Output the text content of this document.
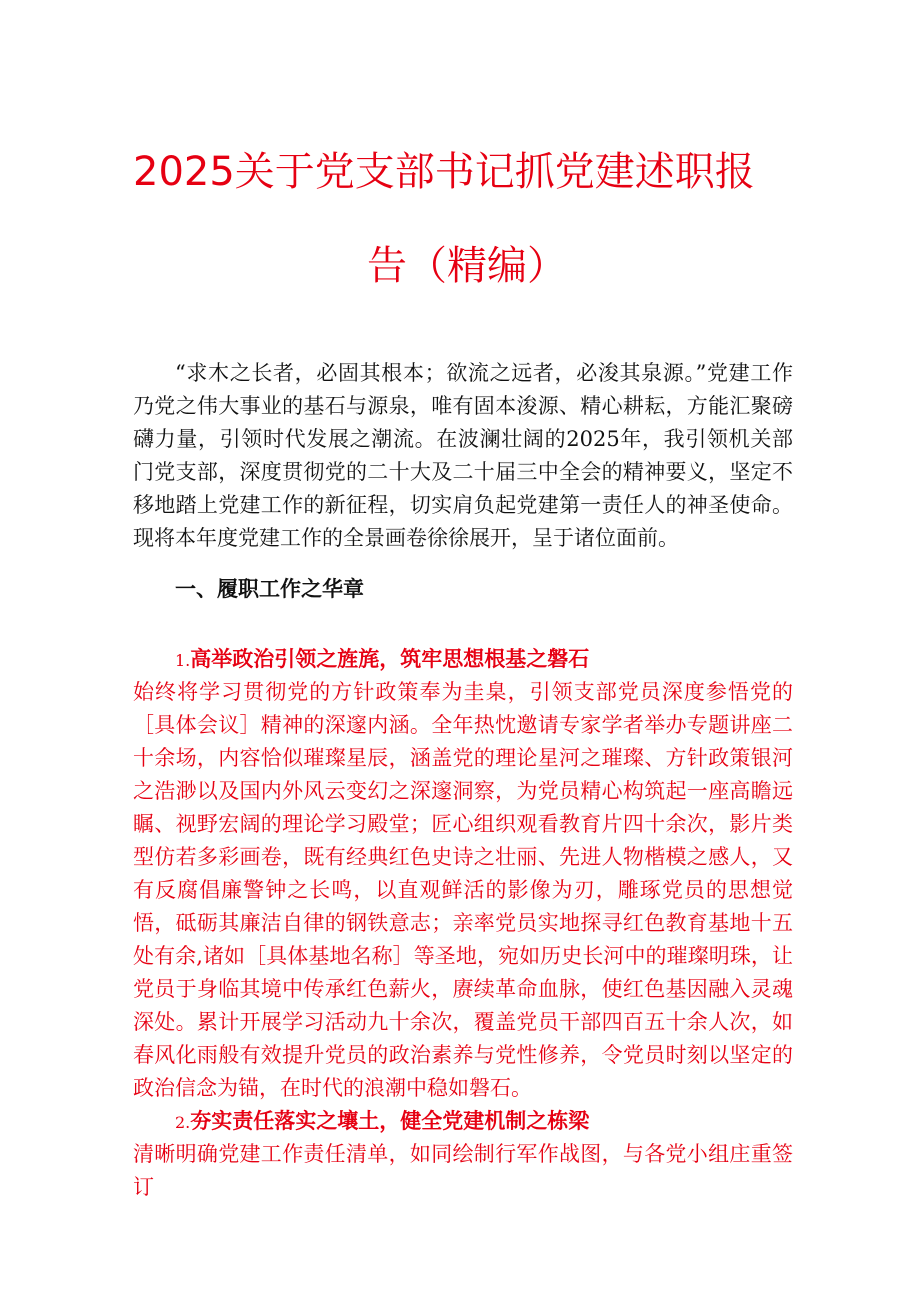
2025关于党支部书记抓党建述职报
告（精编）
“求木之长者，必固其根本；欲流之远者，必浚其泉源。”党建工作乃党之伟大事业的基石与源泉，唯有固本浚源、精心耕耘，方能汇聚磅礴力量，引领时代发展之潮流。在波澜壮阔的2025年，我引领机关部门党支部，深度贯彻党的二十大及二十届三中全会的精神要义，坚定不移地踏上党建工作的新征程，切实肩负起党建第一责任人的神圣使命。现将本年度党建工作的全景画卷徐徐展开，呈于诸位面前。
一、履职工作之华章
1.高举政治引领之旌旄，筑牢思想根基之磐石
始终将学习贯彻党的方针政策奉为圭臬，引领支部党员深度参悟党的［具体会议］精神的深邃内涵。全年热忱邀请专家学者举办专题讲座二十余场，内容恰似璀璨星辰，涵盖党的理论星河之璀璨、方针政策银河之浩渺以及国内外风云变幻之深邃洞察，为党员精心构筑起一座高瞻远瞩、视野宏阔的理论学习殿堂；匠心组织观看教育片四十余次，影片类型仿若多彩画卷，既有经典红色史诗之壮丽、先进人物楷模之感人，又有反腐倡廉警钟之长鸣，以直观鲜活的影像为刃，雕琢党员的思想觉悟，砥砺其廉洁自律的钢铁意志；亲率党员实地探寻红色教育基地十五处有余,诸如［具体基地名称］等圣地，宛如历史长河中的璀璨明珠，让党员于身临其境中传承红色薪火，赓续革命血脉，使红色基因融入灵魂深处。累计开展学习活动九十余次，覆盖党员干部四百五十余人次，如春风化雨般有效提升党员的政治素养与党性修养，令党员时刻以坚定的政治信念为锚，在时代的浪潮中稳如磐石。
2.夯实责任落实之壤土，健全党建机制之栋梁
清晰明确党建工作责任清单，如同绘制行军作战图，与各党小组庄重签订
